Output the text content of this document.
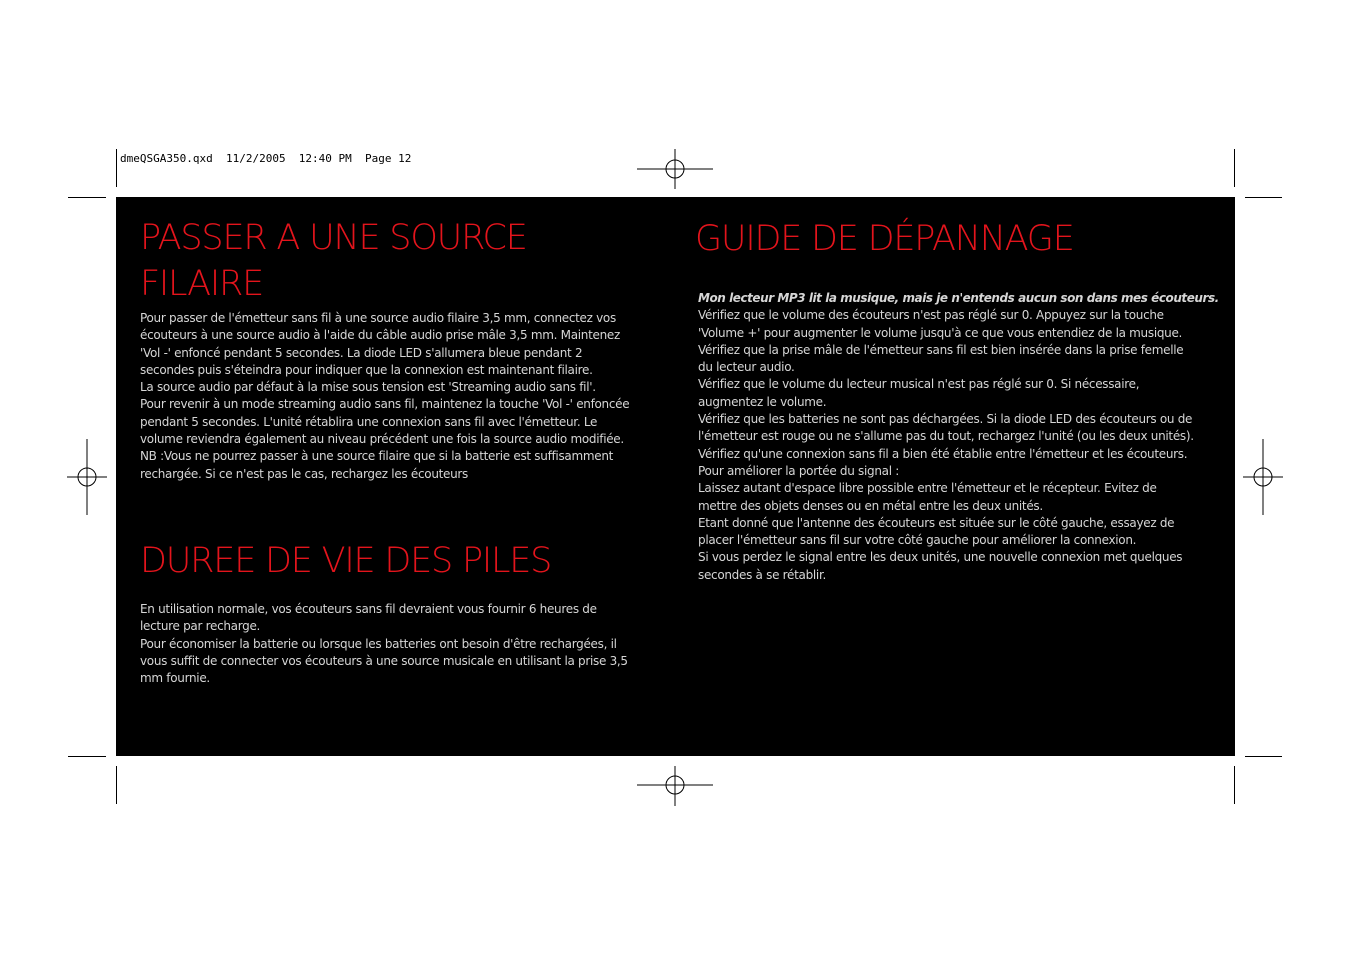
dmeQSGA350.qxd  11/2/2005  12:40 PM  Page 12
PASSER A UNE SOURCE
FILAIRE

Pour passer de l'émetteur sans fil à une source audio filaire 3,5 mm, connectez vos

écouteurs à une source audio à l'aide du câble audio prise mâle 3,5 mm. Maintenez

'Vol -' enfoncé pendant 5 secondes. La diode LED s'allumera bleue pendant 2

secondes puis s'éteindra pour indiquer que la connexion est maintenant filaire.

La source audio par défaut à la mise sous tension est 'Streaming audio sans fil'.

Pour revenir à un mode streaming audio sans fil, maintenez la touche 'Vol -' enfoncée

pendant 5 secondes. L'unité rétablira une connexion sans fil avec l'émetteur. Le

volume reviendra également au niveau précédent une fois la source audio modifiée.

NB :Vous ne pourrez passer à une source filaire que si la batterie est suffisamment

rechargée. Si ce n'est pas le cas, rechargez les écouteurs

DUREE DE VIE DES PILES

En utilisation normale, vos écouteurs sans fil devraient vous fournir 6 heures de

lecture par recharge.

Pour économiser la batterie ou lorsque les batteries ont besoin d'être rechargées, il

vous suffit de connecter vos écouteurs à une source musicale en utilisant la prise 3,5

mm fournie.

GUIDE DE DÉPANNAGE

Mon lecteur MP3 lit la musique, mais je n'entends aucun son dans mes écouteurs.

Vérifiez que le volume des écouteurs n'est pas réglé sur 0. Appuyez sur la touche

'Volume +' pour augmenter le volume jusqu'à ce que vous entendiez de la musique.

Vérifiez que la prise mâle de l'émetteur sans fil est bien insérée dans la prise femelle

du lecteur audio.

Vérifiez que le volume du lecteur musical n'est pas réglé sur 0. Si nécessaire,

augmentez le volume.

Vérifiez que les batteries ne sont pas déchargées. Si la diode LED des écouteurs ou de

l'émetteur est rouge ou ne s'allume pas du tout, rechargez l'unité (ou les deux unités).

Vérifiez qu'une connexion sans fil a bien été établie entre l'émetteur et les écouteurs.

Pour améliorer la portée du signal :

Laissez autant d'espace libre possible entre l'émetteur et le récepteur. Evitez de

mettre des objets denses ou en métal entre les deux unités.

Etant donné que l'antenne des écouteurs est située sur le côté gauche, essayez de

placer l'émetteur sans fil sur votre côté gauche pour améliorer la connexion.

Si vous perdez le signal entre les deux unités, une nouvelle connexion met quelques

secondes à se rétablir.
